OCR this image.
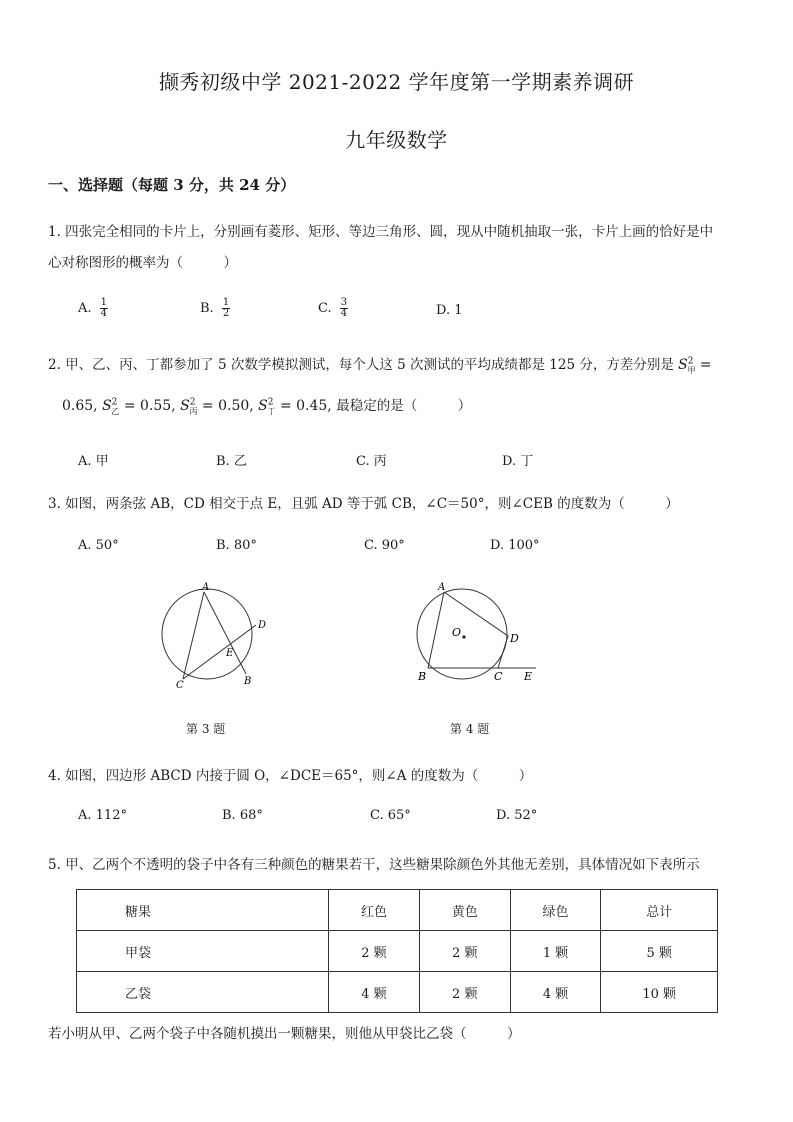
撷秀初级中学 2021-2022 学年度第一学期素养调研
九年级数学
一、选择题（每题 3 分，共 24 分）
1. 四张完全相同的卡片上，分别画有菱形、矩形、等边三角形、圆，现从中随机抽取一张，卡片上画的恰好是中
心对称图形的概率为（　　　）
A. $\frac{1}{4}$	B. $\frac{1}{2}$	C. $\frac{3}{4}$	D. 1
2. 甲、乙、丙、丁都参加了 5 次数学模拟测试，每个人这 5 次测试的平均成绩都是 125 分，方差分别是 $S^2_甲$ =
0.65, $S^2_乙 = 0.55$, $S^2_丙 = 0.50$, $S^2_丁 = 0.45$, 最稳定的是（　　　）
A. 甲	B. 乙	C. 丙	D. 丁
3. 如图，两条弦 AB，CD 相交于点 E，且弧 AD 等于弧 CB，∠C＝50°，则∠CEB 的度数为（　　　）
A. 50°	B. 80°	C. 90°	D. 100°
A
D
E
B
C
第 3 题
A
O	D
B	C E
第 4 题
4. 如图，四边形 ABCD 内接于圆 O，∠DCE＝65°，则∠A 的度数为（　　　）
A. 112°	B. 68°	C. 65°	D. 52°
5. 甲、乙两个不透明的袋子中各有三种颜色的糖果若干，这些糖果除颜色外其他无差别，具体情况如下表所示
糖果	红色	黄色	绿色	总计
甲袋	2 颗	2 颗	1 颗	5 颗
乙袋	4 颗	2 颗	4 颗	10 颗
若小明从甲、乙两个袋子中各随机摸出一颗糖果，则他从甲袋比乙袋（　　　）
